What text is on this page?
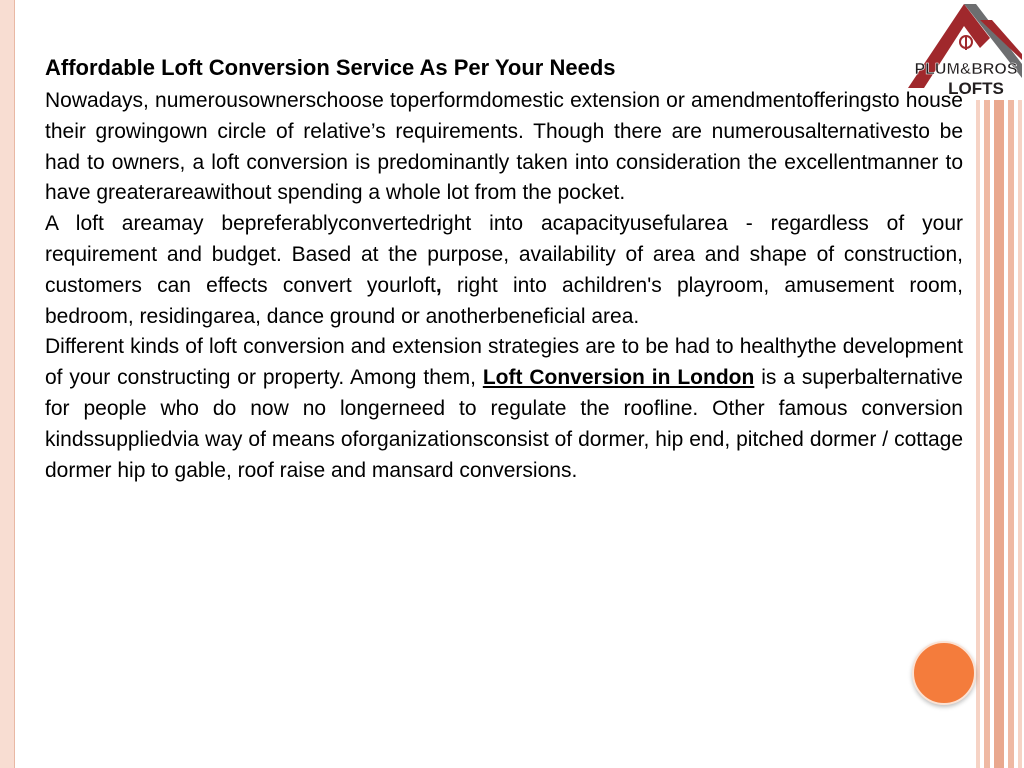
PLUM&BROS
LOFTS
Affordable Loft Conversion Service As Per Your Needs

Nowadays, numerousownerschoose toperformdomestic extension or amendmentofferingsto house their growingown circle of relative’s requirements. Though there are numerousalternativesto be had to owners, a loft conversion is predominantly taken into consideration the excellentmanner to have greaterareawithout spending a whole lot from the pocket.

A loft areamay bepreferablyconvertedright into acapacityusefularea - regardless of your requirement and budget. Based at the purpose, availability of area and shape of construction, customers can effects convert yourloft, right into achildren's playroom, amusement room, bedroom, residingarea, dance ground or anotherbeneficial area.

Different kinds of loft conversion and extension strategies are to be had to healthythe development of your constructing or property. Among them, Loft Conversion in London is a superbalternative for people who do now no longerneed to regulate the roofline. Other famous conversion kindssuppliedvia way of means oforganizationsconsist of dormer, hip end, pitched dormer / cottage dormer hip to gable, roof raise and mansard conversions.
